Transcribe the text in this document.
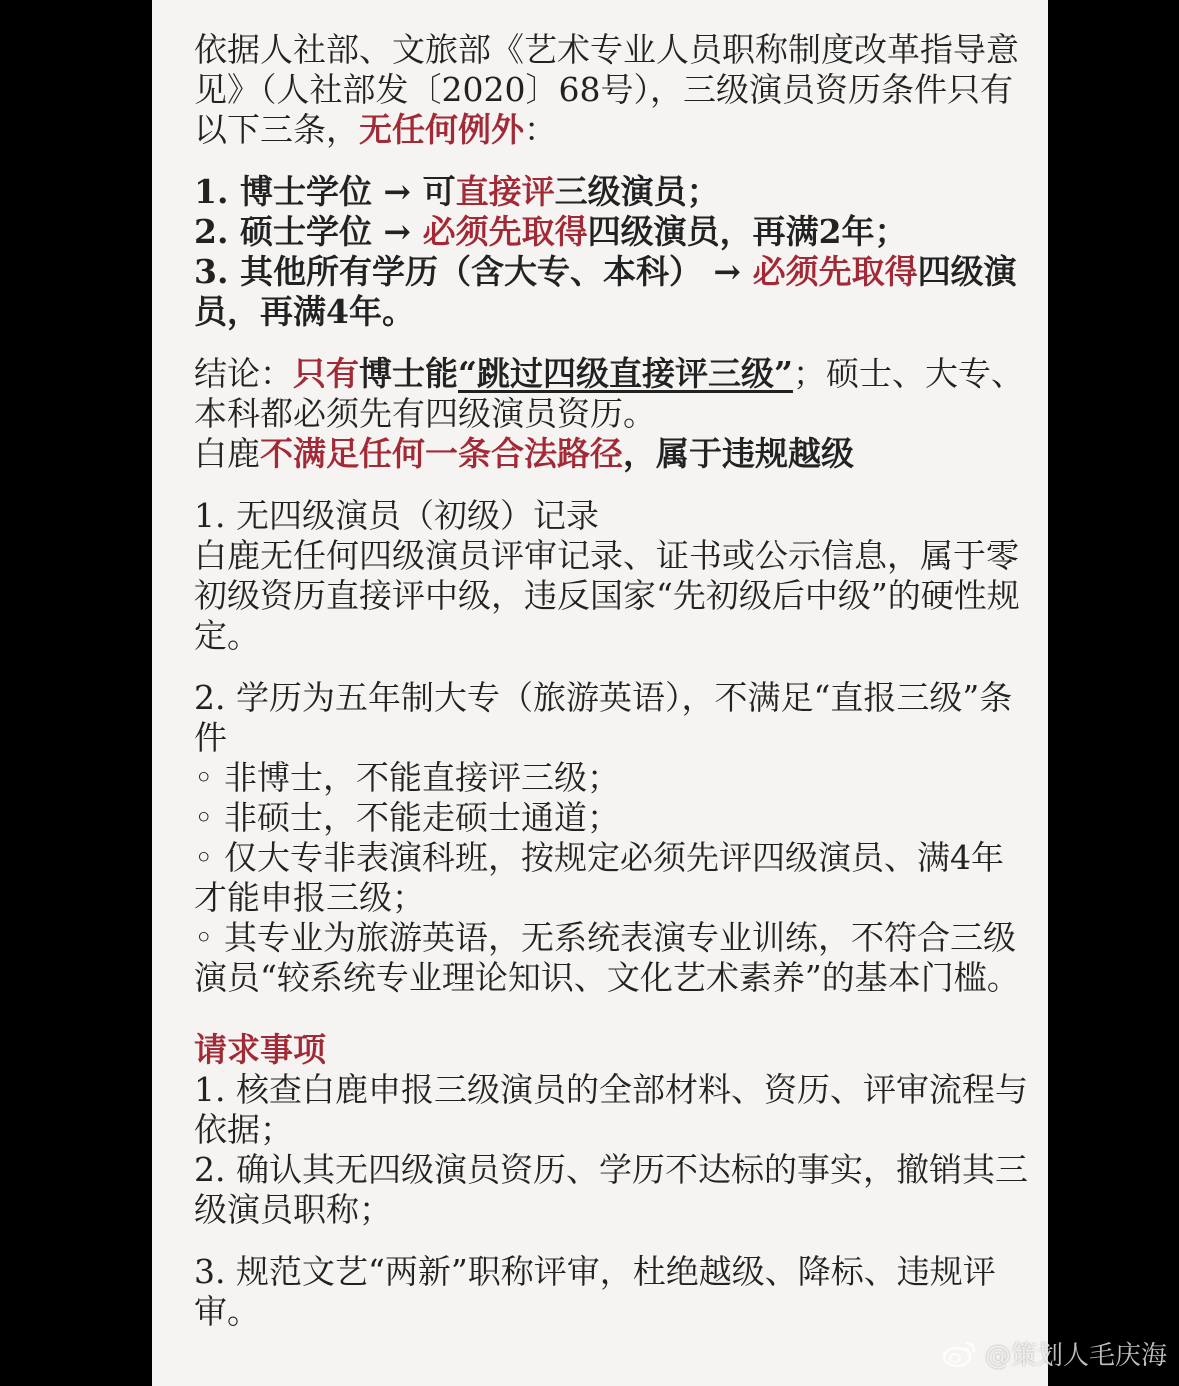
依据人社部、文旅部《艺术专业人员职称制度改革指导意见》（人社部发〔2020〕68号），三级演员资历条件只有以下三条，无任何例外：

1. 博士学位 → 可直接评三级演员；

2. 硕士学位 → 必须先取得四级演员，再满2年；

3. 其他所有学历（含大专、本科） → 必须先取得四级演员，再满4年。

结论：只有博士能“跳过四级直接评三级”；硕士、大专、本科都必须先有四级演员资历。

白鹿不满足任何一条合法路径，属于违规越级

1. 无四级演员（初级）记录

白鹿无任何四级演员评审记录、证书或公示信息，属于零初级资历直接评中级，违反国家“先初级后中级”的硬性规定。

2. 学历为五年制大专（旅游英语），不满足“直报三级”条件

◦ 非博士，不能直接评三级；

◦ 非硕士，不能走硕士通道；

◦ 仅大专非表演科班，按规定必须先评四级演员、满4年才能申报三级；

◦ 其专业为旅游英语，无系统表演专业训练，不符合三级演员“较系统专业理论知识、文化艺术素养”的基本门槛。

请求事项

1. 核查白鹿申报三级演员的全部材料、资历、评审流程与依据；

2. 确认其无四级演员资历、学历不达标的事实，撤销其三级演员职称；

3. 规范文艺“两新”职称评审，杜绝越级、降标、违规评审。

@策划人毛庆海
